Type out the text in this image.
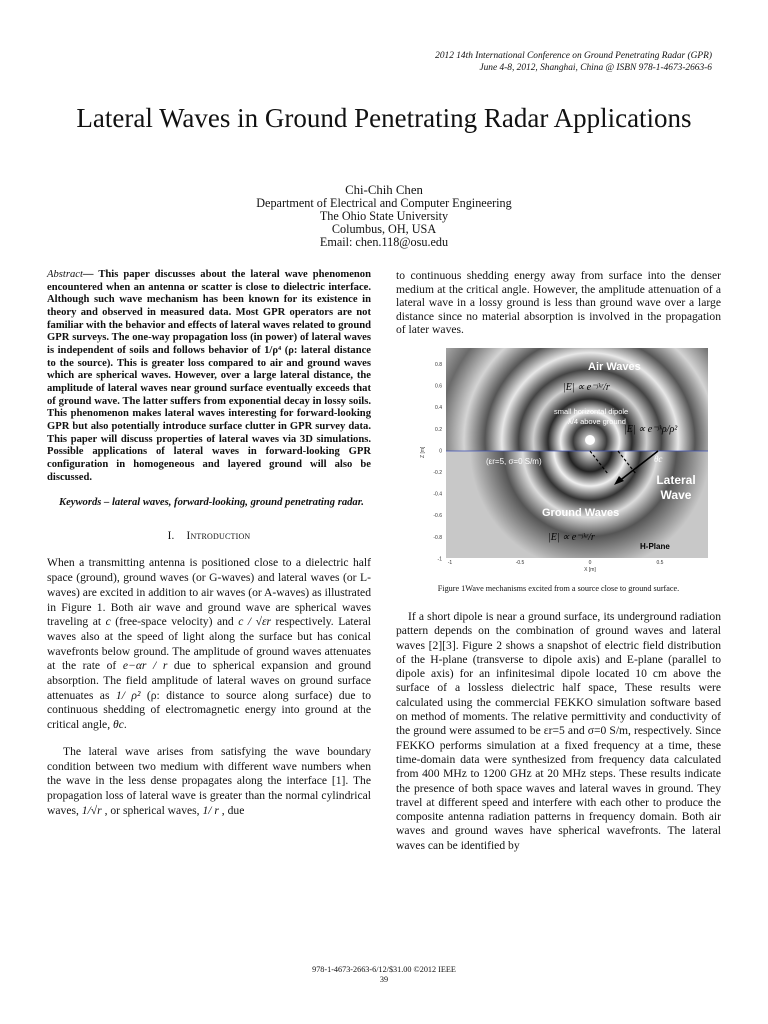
2012 14th International Conference on Ground Penetrating Radar (GPR)
June 4-8, 2012, Shanghai, China @ ISBN 978-1-4673-2663-6
Lateral Waves in Ground Penetrating Radar Applications
Chi-Chih Chen
Department of Electrical and Computer Engineering
The Ohio State University
Columbus, OH, USA
Email: chen.118@osu.edu

Abstract— This paper discusses about the lateral wave phenomenon encountered when an antenna or scatter is close to dielectric interface. Although such wave mechanism has been known for its existence in theory and observed in measured data. Most GPR operators are not familiar with the behavior and effects of lateral waves related to ground GPR surveys. The one-way propagation loss (in power) of lateral waves is independent of soils and follows behavior of 1/ρ⁴ (ρ: lateral distance to the source). This is greater loss compared to air and ground waves which are spherical waves. However, over a large lateral distance, the amplitude of lateral waves near ground surface eventually exceeds that of ground wave. The latter suffers from exponential decay in lossy soils. This phenomenon makes lateral waves interesting for forward-looking GPR but also potentially introduce surface clutter in GPR survey data. This paper will discuss properties of lateral waves via 3D simulations. Possible applications of lateral waves in forward-looking GPR configuration in homogeneous and layered ground will also be discussed.

Keywords – lateral waves, forward-looking, ground penetrating radar.

I. Introduction

When a transmitting antenna is positioned close to a dielectric half space (ground), ground waves (or G-waves) and lateral waves (or L-waves) are excited in addition to air waves (or A-waves) as illustrated in Figure 1. Both air wave and ground wave are spherical waves traveling at c (free-space velocity) and c / √εr respectively. Lateral waves also at the speed of light along the surface but has conical wavefronts below ground. The amplitude of ground waves attenuates at the rate of e−αr / r due to spherical expansion and ground absorption. The field amplitude of lateral waves on ground surface attenuates as 1/ ρ² (ρ: distance to source along surface) due to continuous shedding of electromagnetic energy into ground at the critical angle, θc.

The lateral wave arises from satisfying the wave boundary condition between two medium with different wave numbers when the wave in the less dense propagates along the interface [1]. The propagation loss of lateral wave is greater than the normal cylindrical waves, 1/√r , or spherical waves, 1/ r , due

to continuous shedding energy away from surface into the denser medium at the critical angle. However, the amplitude attenuation of a lateral wave in a lossy ground is less than ground wave over a large distance since no material absorption is involved in the propagation of later waves.

Air Waves
small horizontal dipole
λ/4 above ground
(εr=5, σ=0 S/m)
Lateral
Wave
Ground Waves
H-Plane
θc
|E| ∝ e⁻ʲᵏʳ/r
|E| ∝ e⁻ʲᵏρ/ρ²
|E| ∝ e⁻ʲᵏʳ/r
Z [m]
X [m]
0.8
0.6
0.4
0.2
0
-0.2
-0.4
-0.6
-0.8
-1
-1	-0.5	0	0.5
Figure 1Wave mechanisms excited from a source close to ground surface.

If a short dipole is near a ground surface, its underground radiation pattern depends on the combination of ground waves and lateral waves [2][3]. Figure 2 shows a snapshot of electric field distribution of the H-plane (transverse to dipole axis) and E-plane (parallel to dipole axis) for an infinitesimal dipole located 10 cm above the surface of a lossless dielectric half space, These results were calculated using the commercial FEKKO simulation software based on method of moments. The relative permittivity and conductivity of the ground were assumed to be εr=5 and σ=0 S/m, respectively. Since FEKKO performs simulation at a fixed frequency at a time, these time-domain data were synthesized from frequency data calculated from 400 MHz to 1200 GHz at 20 MHz steps. These results indicate the presence of both space waves and lateral waves in ground. They travel at different speed and interfere with each other to produce the composite antenna radiation patterns in frequency domain. Both air waves and ground waves have spherical wavefronts. The lateral waves can be identified by

978-1-4673-2663-6/12/$31.00 ©2012 IEEE
39
